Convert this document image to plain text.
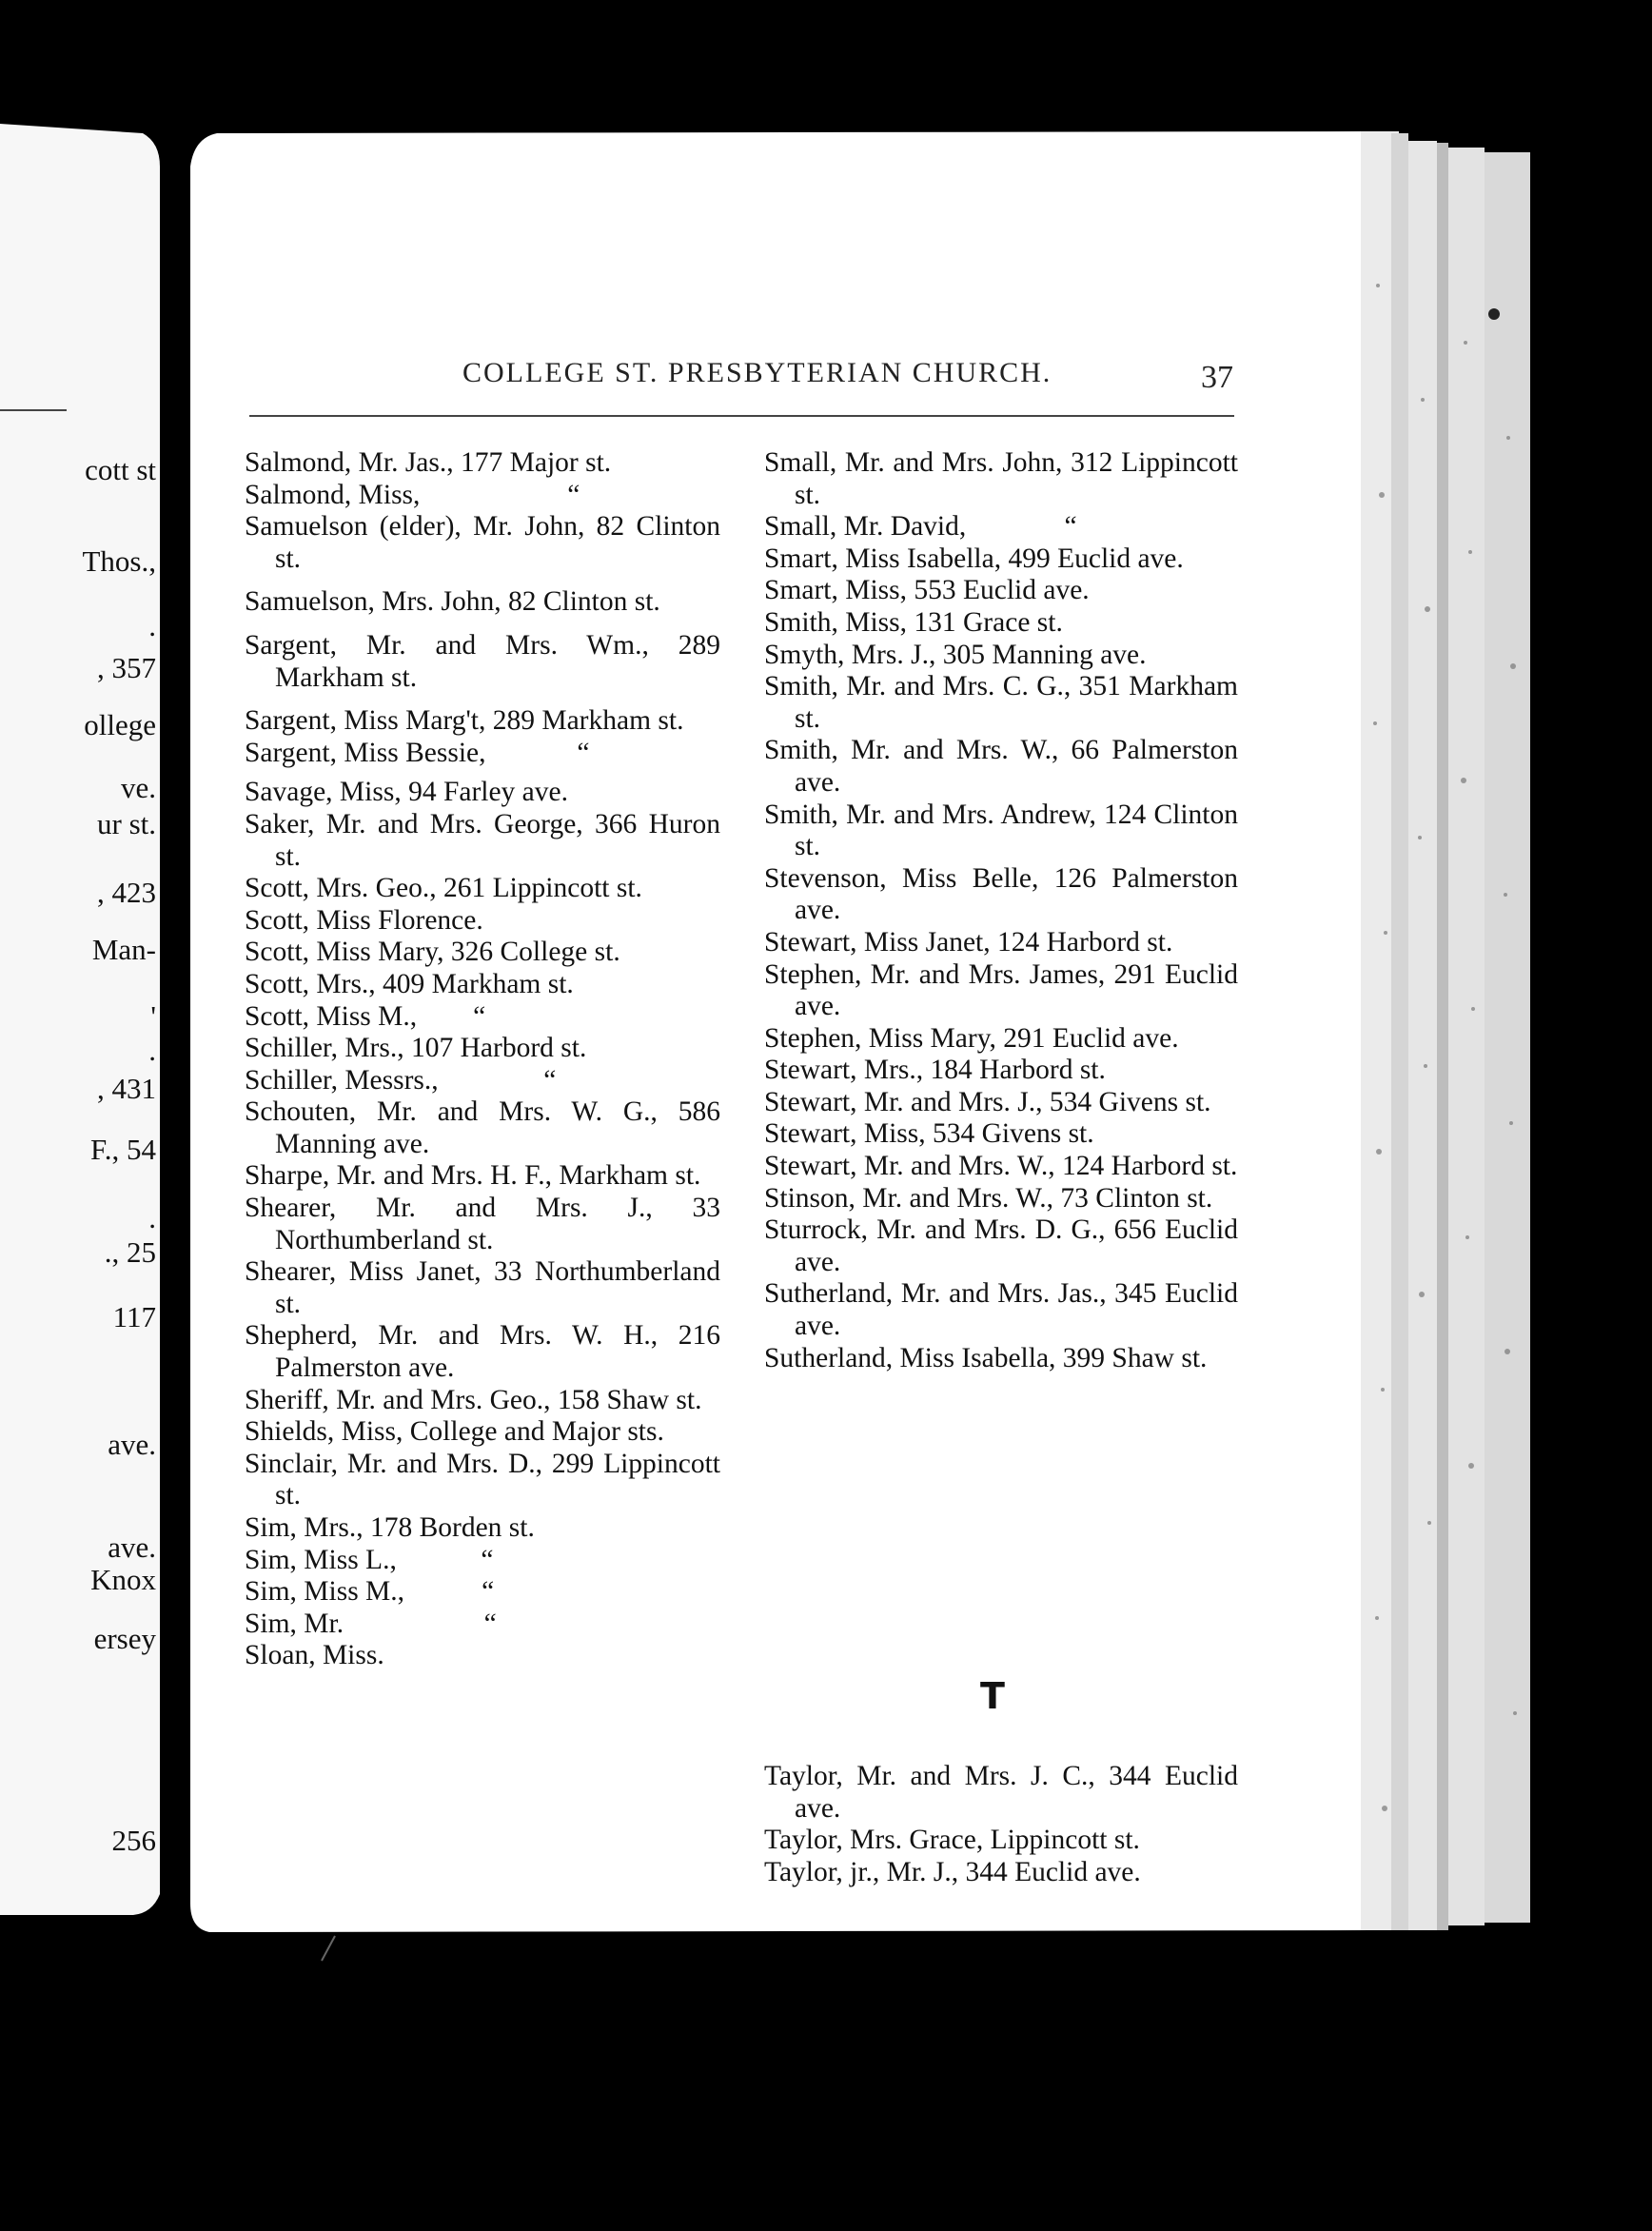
cott st
Thos.,
.
, 357
ollege
ve.
ur st.
, 423
Man-
'
.
, 431
F., 54
.
., 25
117
ave.
ave.
Knox
ersey
256
COLLEGE ST. PRESBYTERIAN CHURCH.	37

Salmond, Mr. Jas., 177 Major st.

Salmond, Miss,                     “

Samuelson (elder), Mr. John, 82 Clinton st.

Samuelson, Mrs. John, 82 Clinton st.

Sargent, Mr. and Mrs. Wm., 289 Markham st.

Sargent, Miss Marg't, 289 Markham st.

Sargent, Miss Bessie,             “

Savage, Miss, 94 Farley ave.

Saker, Mr. and Mrs. George, 366 Huron st.

Scott, Mrs. Geo., 261 Lippincott st.

Scott, Miss Florence.

Scott, Miss Mary, 326 College st.

Scott, Mrs., 409 Markham st.

Scott, Miss M.,        “

Schiller, Mrs., 107 Harbord st.

Schiller, Messrs.,               “

Schouten, Mr. and Mrs. W. G., 586 Manning ave.

Sharpe, Mr. and Mrs. H. F., Markham st.

Shearer, Mr. and Mrs. J., 33 Northumberland st.

Shearer, Miss Janet, 33 Northumberland st.

Shepherd, Mr. and Mrs. W. H., 216 Palmerston ave.

Sheriff, Mr. and Mrs. Geo., 158 Shaw st.

Shields, Miss, College and Major sts.

Sinclair, Mr. and Mrs. D., 299 Lippincott st.

Sim, Mrs., 178 Borden st.

Sim, Miss L.,            “

Sim, Miss M.,           “

Sim, Mr.                    “

Sloan, Miss.

Small, Mr. and Mrs. John, 312 Lippincott st.

Small, Mr. David,              “

Smart, Miss Isabella, 499 Euclid ave.

Smart, Miss, 553 Euclid ave.

Smith, Miss, 131 Grace st.

Smyth, Mrs. J., 305 Manning ave.

Smith, Mr. and Mrs. C. G., 351 Markham st.

Smith, Mr. and Mrs. W., 66 Palmerston ave.

Smith, Mr. and Mrs. Andrew, 124 Clinton st.

Stevenson, Miss Belle, 126 Palmerston ave.

Stewart, Miss Janet, 124 Harbord st.

Stephen, Mr. and Mrs. James, 291 Euclid ave.

Stephen, Miss Mary, 291 Euclid ave.

Stewart, Mrs., 184 Harbord st.

Stewart, Mr. and Mrs. J., 534 Givens st.

Stewart, Miss, 534 Givens st.

Stewart, Mr. and Mrs. W., 124 Harbord st.

Stinson, Mr. and Mrs. W., 73 Clinton st.

Sturrock, Mr. and Mrs. D. G., 656 Euclid ave.

Sutherland, Mr. and Mrs. Jas., 345 Euclid ave.

Sutherland, Miss Isabella, 399 Shaw st.

T

Taylor, Mr. and Mrs. J. C., 344 Euclid ave.

Taylor, Mrs. Grace, Lippincott st.

Taylor, jr., Mr. J., 344 Euclid ave.
